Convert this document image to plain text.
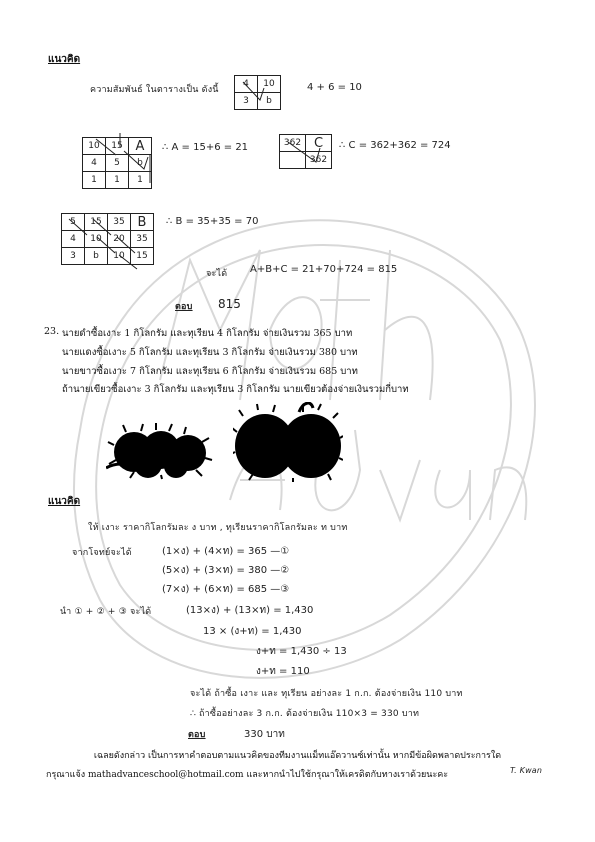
Math Advance
แนวคิด
ความสัมพันธ์ ในตารางเป็น ดังนี้
4	10
3	b
4 + 6 = 10
10	15	A
4	5	b
1	1	1
∴ A = 15+6 = 21	362	C
	362
∴ C = 362+362 = 724
5	15	35	B
4	10	20	35
3	b	10	15
∴ B = 35+35 = 70
จะได้ A+B+C = 21+70+724 = 815
ตอบ 815
23. นายดำซื้อเงาะ 1 กิโลกรัม และทุเรียน 4 กิโลกรัม จ่ายเงินรวม 365 บาท
นายแดงซื้อเงาะ 5 กิโลกรัม และทุเรียน 3 กิโลกรัม จ่ายเงินรวม 380 บาท
นายขาวซื้อเงาะ 7 กิโลกรัม และทุเรียน 6 กิโลกรัม จ่ายเงินรวม 685 บาท
ถ้านายเขียวซื้อเงาะ 3 กิโลกรัม และทุเรียน 3 กิโลกรัม นายเขียวต้องจ่ายเงินรวมกี่บาท
แนวคิด
ให้ เงาะ ราคากิโลกรัมละ ง บาท , ทุเรียนราคากิโลกรัมละ ท บาท
จากโจทย์จะได้	(1×ง) + (4×ท) = 365 —①
(5×ง) + (3×ท) = 380 —②
(7×ง) + (6×ท) = 685 —③
นำ ① + ② + ③ จะได้	(13×ง) + (13×ท) = 1,430
13 × (ง+ท) = 1,430
ง+ท = 1,430 ÷ 13
ง+ท = 110
จะได้ ถ้าซื้อ เงาะ และ ทุเรียน อย่างละ 1 ก.ก. ต้องจ่ายเงิน 110 บาท
∴ ถ้าซื้ออย่างละ 3 ก.ก. ต้องจ่ายเงิน 110×3 = 330 บาท
ตอบ	330 บาท
เฉลยดังกล่าว เป็นการหาคำตอบตามแนวคิดของทีมงานแม็ทแอ๊ดวานซ์เท่านั้น หากมีข้อผิดพลาดประการใด
กรุณาแจ้ง mathadvanceschool@hotmail.com และหากนำไปใช้กรุณาให้เครดิตกับทางเราด้วยนะคะ	T. Kwan
